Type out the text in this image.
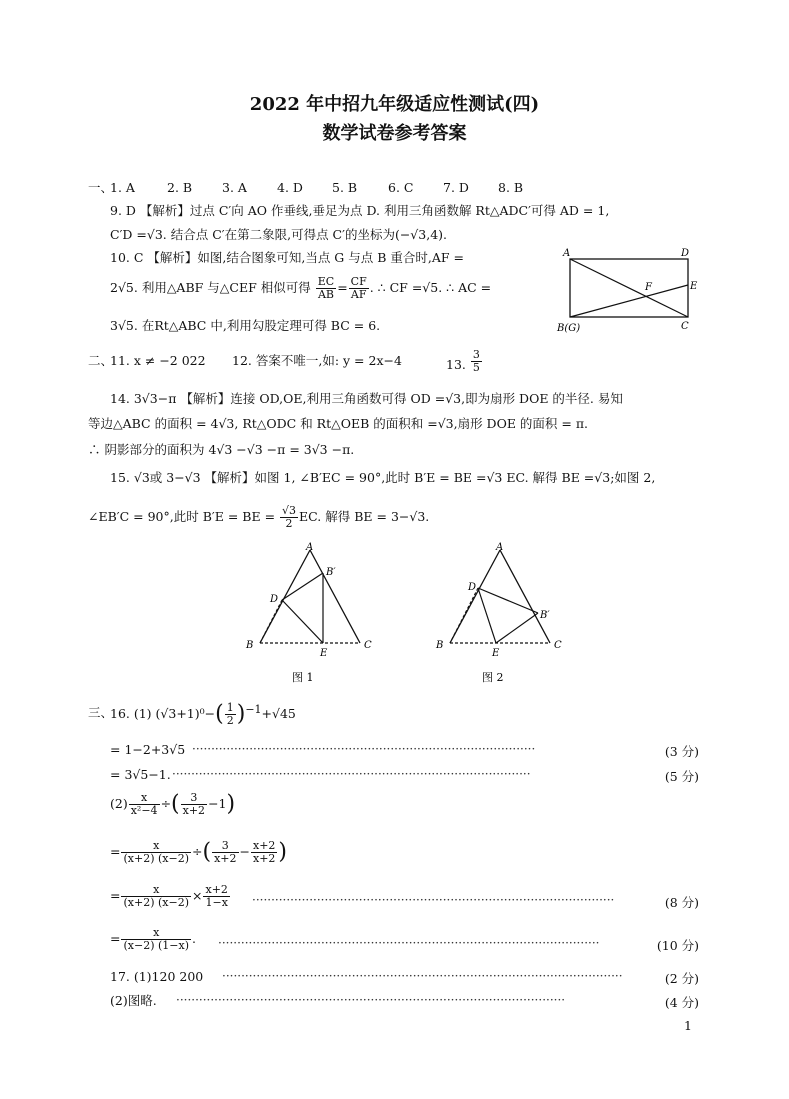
2022 年中招九年级适应性测试(四)
数学试卷参考答案
一、
1. A	2. B 3. A 4. D 5. B 6. C 7. D 8. B
9. D 【解析】过点 C′向 AO 作垂线,垂足为点 D. 利用三角函数解 Rt△ADC′可得 AD = 1,
C′D =√3. 结合点 C′在第二象限,可得点 C′的坐标为(−√3,4).
10. C 【解析】如图,结合图象可知,当点 G 与点 B 重合时,AF =
2√5. 利用△ABF 与△CEF 相似可得 $\frac{EC}{AB} = \frac{CF}{AF}$ . ∴ CF =√5. ∴ AC =
3√5. 在Rt△ABC 中,利用勾股定理可得 BC = 6.
A	D
F	E
B(G)	C
二、
11. x ≠ −2 022 12. 答案不唯一,如: y = 2x−4	13. $\frac{3}{5}$
14. 3√3−π 【解析】连接 OD,OE,利用三角函数可得 OD =√3,即为扇形 DOE 的半径. 易知
等边△ABC 的面积 = 4√3, Rt△ODC 和 Rt△OEB 的面积和 =√3,扇形 DOE 的面积 = π.
∴ 阴影部分的面积为 4√3 −√3 −π = 3√3 −π.
15. √3或 3−√3 【解析】如图 1, ∠B′EC = 90°,此时 B′E = BE =√3 EC. 解得 BE =√3;如图 2,
∠EB′C = 90°,此时 B′E = BE = $\frac{√3}{2}$ EC. 解得 BE = 3−√3.
A
B′
D
B
E
C
图 1
A
D
B′
B
E
C
图 2
三、
16. (1) $(√3+1)^0-( \frac{1}{2} )^{-1}+√45$
= 1−2+3√5 ··························································································	(3 分)
= 3√5−1. ······························································································	(5 分)
$(2) \frac{x}{\text{x²−4}}$ ÷( $\frac{3}{x+2} -1$)
= $\frac{x}{(x+2) (x-2)}$ ÷( $\frac{3}{x+2} - \frac{x+2}{x+2}$ )
= $\frac{x}{(x+2) (x-2)} \times \frac{x+2}{1-x}$ ·······························································································	(8 分)
= $\frac{x}{(x-2) (1-x)}$ . ····································································································	(10 分)
17. (1)120 200 ·········································································································	(2 分)
(2)图略. ······································································································	(4 分)
1
